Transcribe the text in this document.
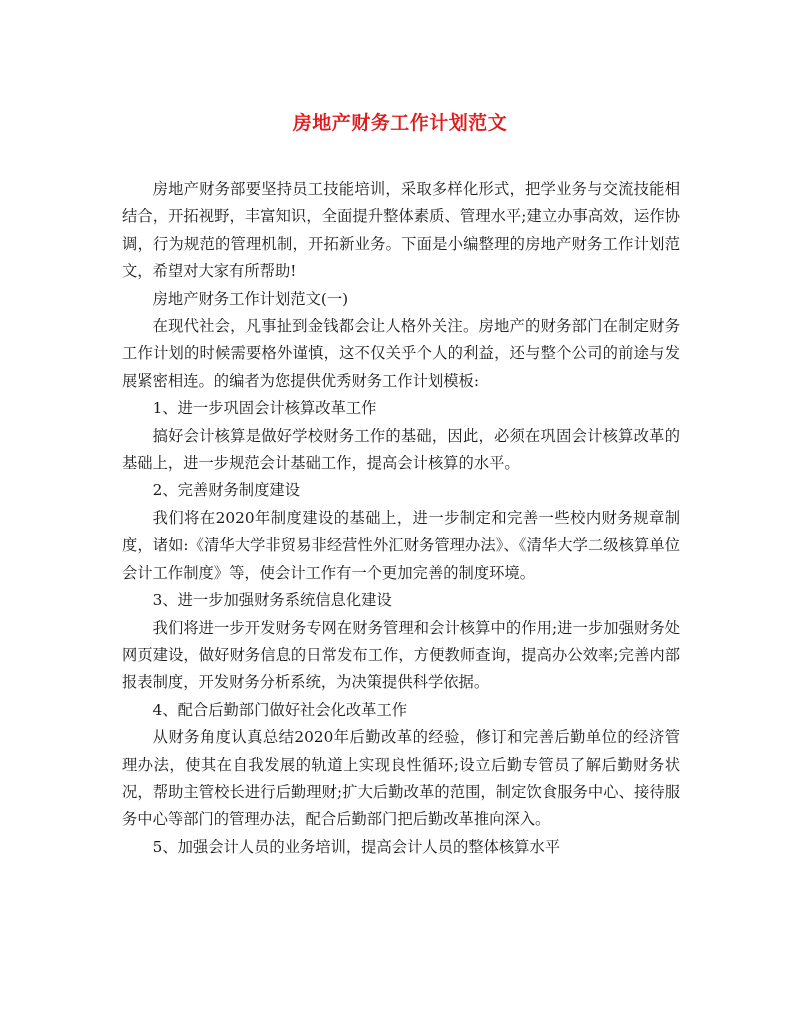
房地产财务工作计划范文

房地产财务部要坚持员工技能培训，采取多样化形式，把学业务与交流技能相结合，开拓视野，丰富知识，全面提升整体素质、管理水平;建立办事高效，运作协调，行为规范的管理机制，开拓新业务。下面是小编整理的房地产财务工作计划范文，希望对大家有所帮助!

房地产财务工作计划范文(一)

在现代社会，凡事扯到金钱都会让人格外关注。房地产的财务部门在制定财务工作计划的时候需要格外谨慎，这不仅关乎个人的利益，还与整个公司的前途与发展紧密相连。的编者为您提供优秀财务工作计划模板:

1、进一步巩固会计核算改革工作

搞好会计核算是做好学校财务工作的基础，因此，必须在巩固会计核算改革的基础上，进一步规范会计基础工作，提高会计核算的水平。

2、完善财务制度建设

我们将在2020年制度建设的基础上，进一步制定和完善一些校内财务规章制度，诸如:《清华大学非贸易非经营性外汇财务管理办法》、《清华大学二级核算单位会计工作制度》等，使会计工作有一个更加完善的制度环境。

3、进一步加强财务系统信息化建设

我们将进一步开发财务专网在财务管理和会计核算中的作用;进一步加强财务处网页建设，做好财务信息的日常发布工作，方便教师查询，提高办公效率;完善内部报表制度，开发财务分析系统，为决策提供科学依据。

4、配合后勤部门做好社会化改革工作

从财务角度认真总结2020年后勤改革的经验，修订和完善后勤单位的经济管理办法，使其在自我发展的轨道上实现良性循环;设立后勤专管员了解后勤财务状况，帮助主管校长进行后勤理财;扩大后勤改革的范围，制定饮食服务中心、接待服务中心等部门的管理办法，配合后勤部门把后勤改革推向深入。

5、加强会计人员的业务培训，提高会计人员的整体核算水平
